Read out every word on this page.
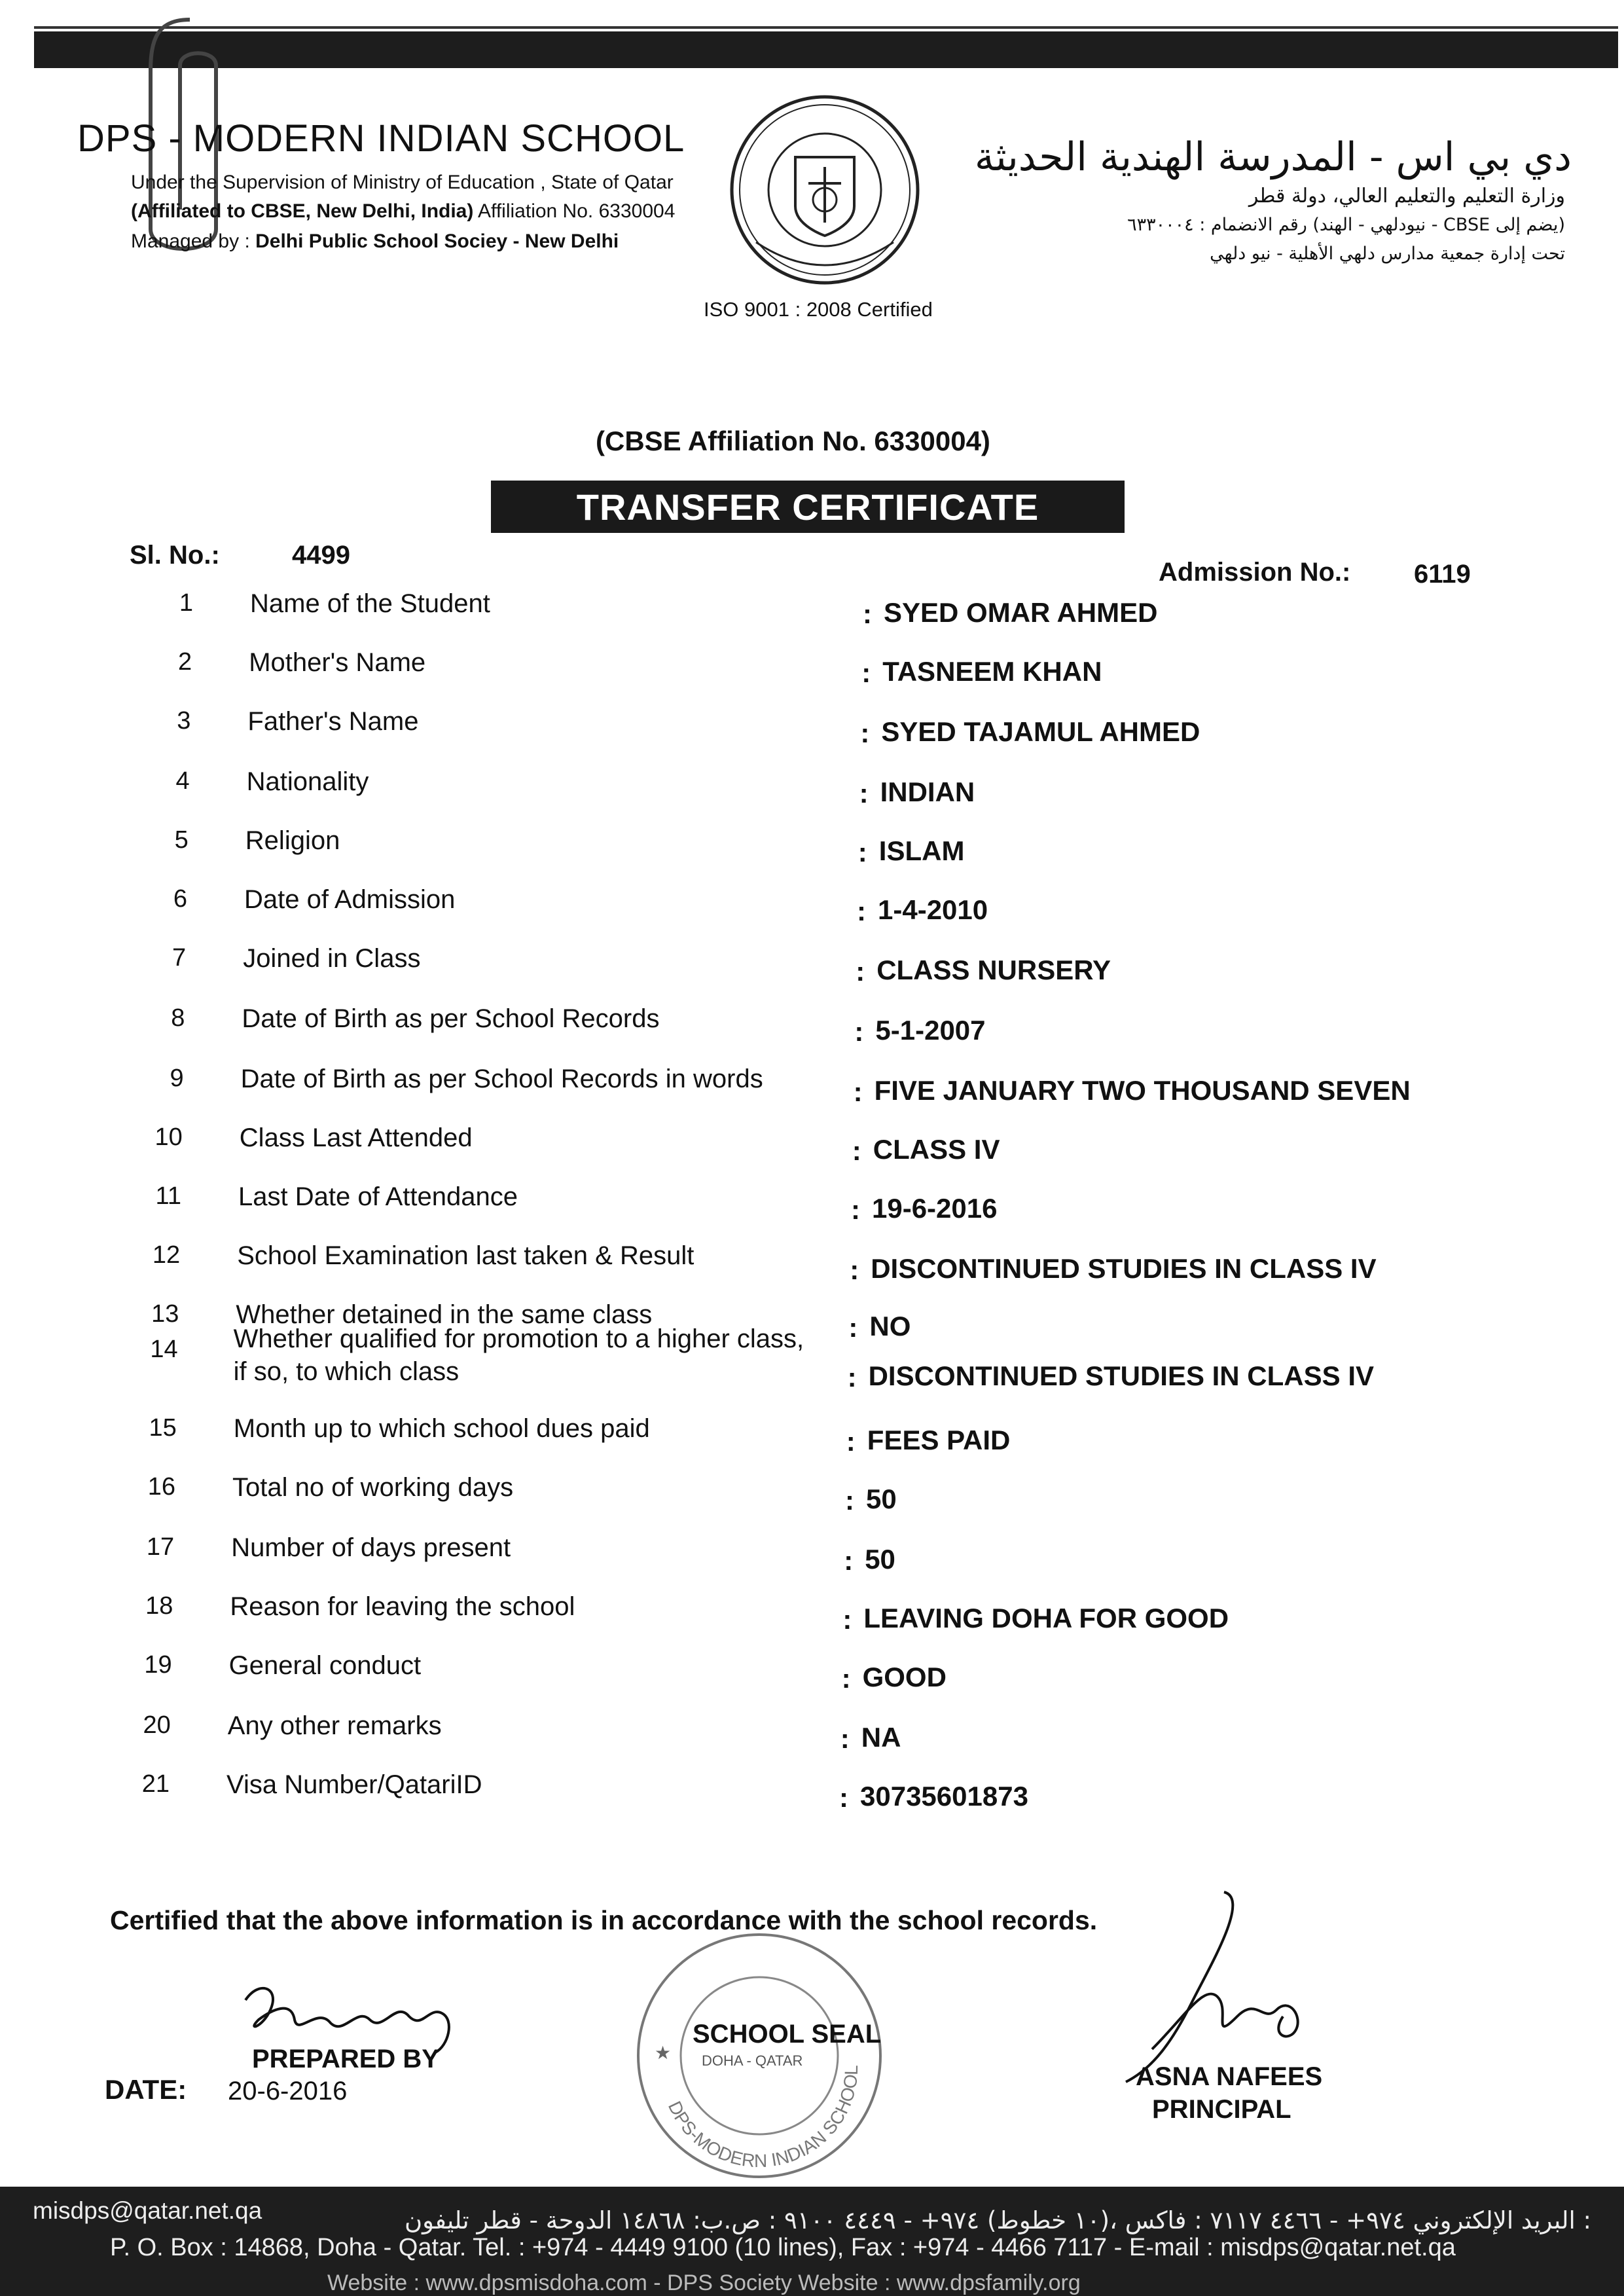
DPS - MODERN INDIAN SCHOOL
Under the Supervision of Ministry of Education , State of Qatar
(Affiliated to CBSE, New Delhi, India) Affiliation No. 6330004
Managed by : Delhi Public School Sociey - New Delhi
ISO 9001 : 2008 Certified
دي بي اس - المدرسة الهندية الحديثة
وزارة التعليم والتعليم العالي، دولة قطر
(يضم إلى CBSE - نيودلهي - الهند) رقم الانضمام : ٦٣٣٠٠٠٤
تحت إدارة جمعية مدارس دلهي الأهلية - نيو دلهي
(CBSE Affiliation No. 6330004)
TRANSFER CERTIFICATE
Sl. No.:	4499
Admission No.: 6119
1 Name of the Student	: SYED OMAR AHMED
2 Mother's Name	: TASNEEM KHAN
3 Father's Name	: SYED TAJAMUL AHMED
4 Nationality	: INDIAN
5 Religion	: ISLAM
6 Date of Admission	: 1-4-2010
7 Joined in Class	: CLASS NURSERY
8 Date of Birth as per School Records	: 5-1-2007
9 Date of Birth as per School Records in words	: FIVE JANUARY TWO THOUSAND SEVEN
10 Class Last Attended	: CLASS IV
11 Last Date of Attendance	: 19-6-2016
12 School Examination last taken & Result	: DISCONTINUED STUDIES IN CLASS IV
13 Whether detained in the same class	: NO
14 Whether qualified for promotion to a higher class,
if so, to which class	: DISCONTINUED STUDIES IN CLASS IV
15 Month up to which school dues paid	: FEES PAID
16 Total no of working days	: 50
17 Number of days present	: 50
18 Reason for leaving the school	: LEAVING DOHA FOR GOOD
19 General conduct	: GOOD
20 Any other remarks	: NA
21 Visa Number/QatariID	: 30735601873
Certified that the above information is in accordance with the school records.
PREPARED BY
DATE: 20-6-2016
DPS-MODERN INDIAN SCHOOL
★
SCHOOL SEAL
DOHA - QATAR
ASNA NAFEES
PRINCIPAL
misdps@qatar.net.qa	: البريد الإلكتروني ٩٧٤+ - ٤٤٦٦ ٧١١٧ : فاكس ،(١٠ خطوط) ٩٧٤+ - ٤٤٤٩ ٩١٠٠ : ص.ب: ١٤٨٦٨ الدوحة - قطر تليفون
P. O. Box : 14868, Doha - Qatar. Tel. : +974 - 4449 9100 (10 lines), Fax : +974 - 4466 7117 - E-mail : misdps@qatar.net.qa
Website : www.dpsmisdoha.com - DPS Society Website : www.dpsfamily.org
